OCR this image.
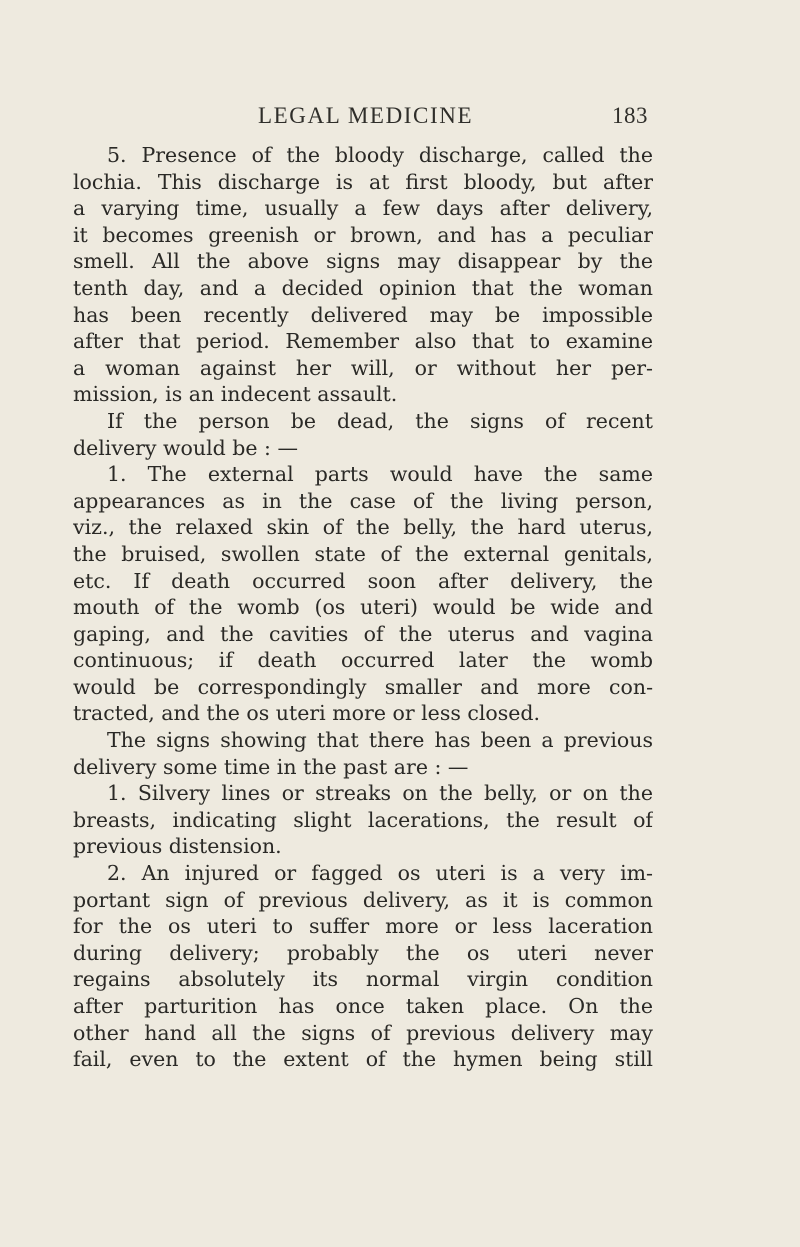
LEGAL MEDICINE	183
5. Presence of the bloody discharge, called the
lochia. This discharge is at first bloody, but after
a varying time, usually a few days after delivery,
it becomes greenish or brown, and has a peculiar
smell. All the above signs may disappear by the
tenth day, and a decided opinion that the woman
has been recently delivered may be impossible
after that period. Remember also that to examine
a woman against her will, or without her per-
mission, is an indecent assault.
If the person be dead, the signs of recent
delivery would be : —
1. The external parts would have the same
appearances as in the case of the living person,
viz., the relaxed skin of the belly, the hard uterus,
the bruised, swollen state of the external genitals,
etc. If death occurred soon after delivery, the
mouth of the womb (os uteri) would be wide and
gaping, and the cavities of the uterus and vagina
continuous; if death occurred later the womb
would be correspondingly smaller and more con-
tracted, and the os uteri more or less closed.
The signs showing that there has been a previous
delivery some time in the past are : —
1. Silvery lines or streaks on the belly, or on the
breasts, indicating slight lacerations, the result of
previous distension.
2. An injured or fagged os uteri is a very im-
portant sign of previous delivery, as it is common
for the os uteri to suffer more or less laceration
during delivery; probably the os uteri never
regains absolutely its normal virgin condition
after parturition has once taken place. On the
other hand all the signs of previous delivery may
fail, even to the extent of the hymen being still
